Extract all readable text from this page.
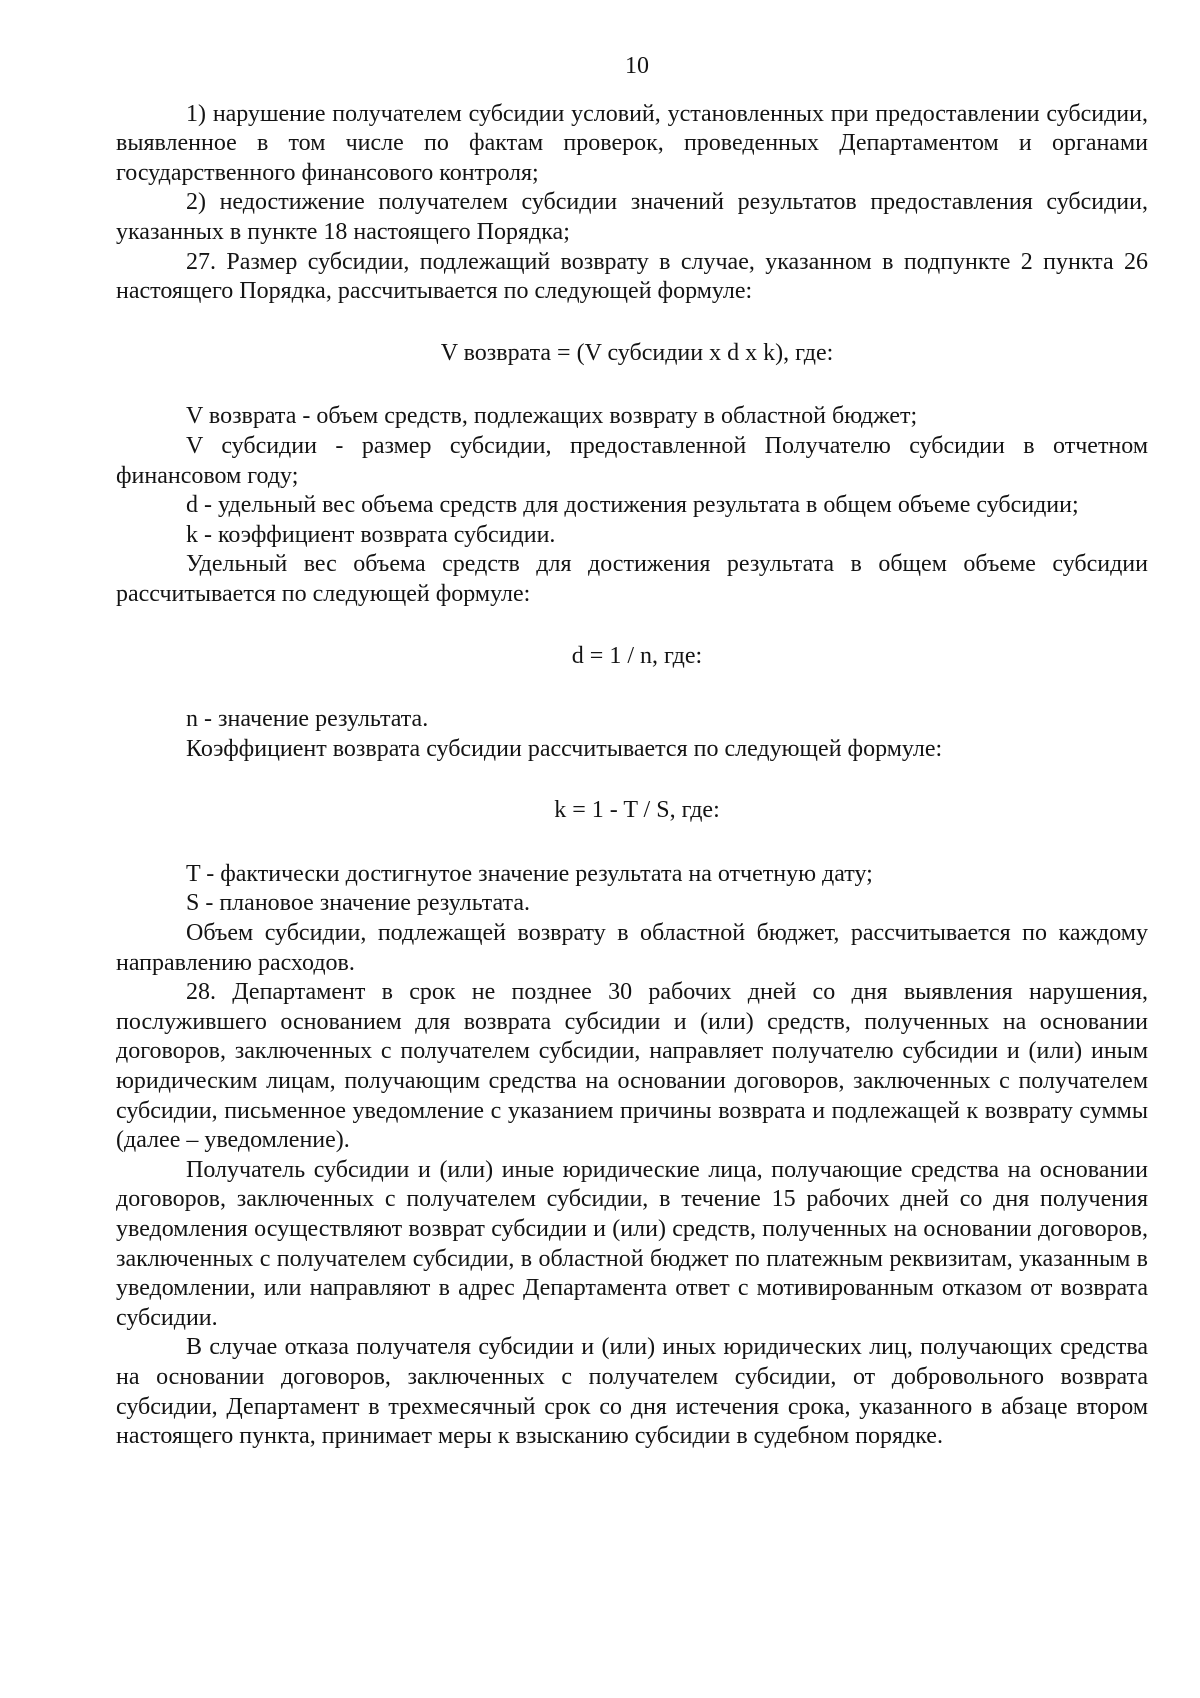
10

1) нарушение получателем субсидии условий, установленных при предоставлении субсидии, выявленное в том числе по фактам проверок, проведенных Департаментом и органами государственного финансового контроля;

2) недостижение получателем субсидии значений результатов предоставления субсидии, указанных в пункте 18 настоящего Порядка;

27. Размер субсидии, подлежащий возврату в случае, указанном в подпункте 2 пункта 26 настоящего Порядка, рассчитывается по следующей формуле:

V возврата = (V субсидии x d x k), где:

V возврата - объем средств, подлежащих возврату в областной бюджет;

V субсидии - размер субсидии, предоставленной Получателю субсидии в отчетном финансовом году;

d - удельный вес объема средств для достижения результата в общем объеме субсидии;

k - коэффициент возврата субсидии.

Удельный вес объема средств для достижения результата в общем объеме субсидии рассчитывается по следующей формуле:

d = 1 / n, где:

n - значение результата.

Коэффициент возврата субсидии рассчитывается по следующей формуле:

k = 1 - T / S, где:

T - фактически достигнутое значение результата на отчетную дату;

S - плановое значение результата.

Объем субсидии, подлежащей возврату в областной бюджет, рассчитывается по каждому направлению расходов.

28. Департамент в срок не позднее 30 рабочих дней со дня выявления нарушения, послужившего основанием для возврата субсидии и (или) средств, полученных на основании договоров, заключенных с получателем субсидии, направляет получателю субсидии и (или) иным юридическим лицам, получающим средства на основании договоров, заключенных с получателем субсидии, письменное уведомление с указанием причины возврата и подлежащей к возврату суммы (далее – уведомление).

Получатель субсидии и (или) иные юридические лица, получающие средства на основании договоров, заключенных с получателем субсидии, в течение 15 рабочих дней со дня получения уведомления осуществляют возврат субсидии и (или) средств, полученных на основании договоров, заключенных с получателем субсидии, в областной бюджет по платежным реквизитам, указанным в уведомлении, или направляют в адрес Департамента ответ с мотивированным отказом от возврата субсидии.

В случае отказа получателя субсидии и (или) иных юридических лиц, получающих средства на основании договоров, заключенных с получателем субсидии, от добровольного возврата субсидии, Департамент в трехмесячный срок со дня истечения срока, указанного в абзаце втором настоящего пункта, принимает меры к взысканию субсидии в судебном порядке.
